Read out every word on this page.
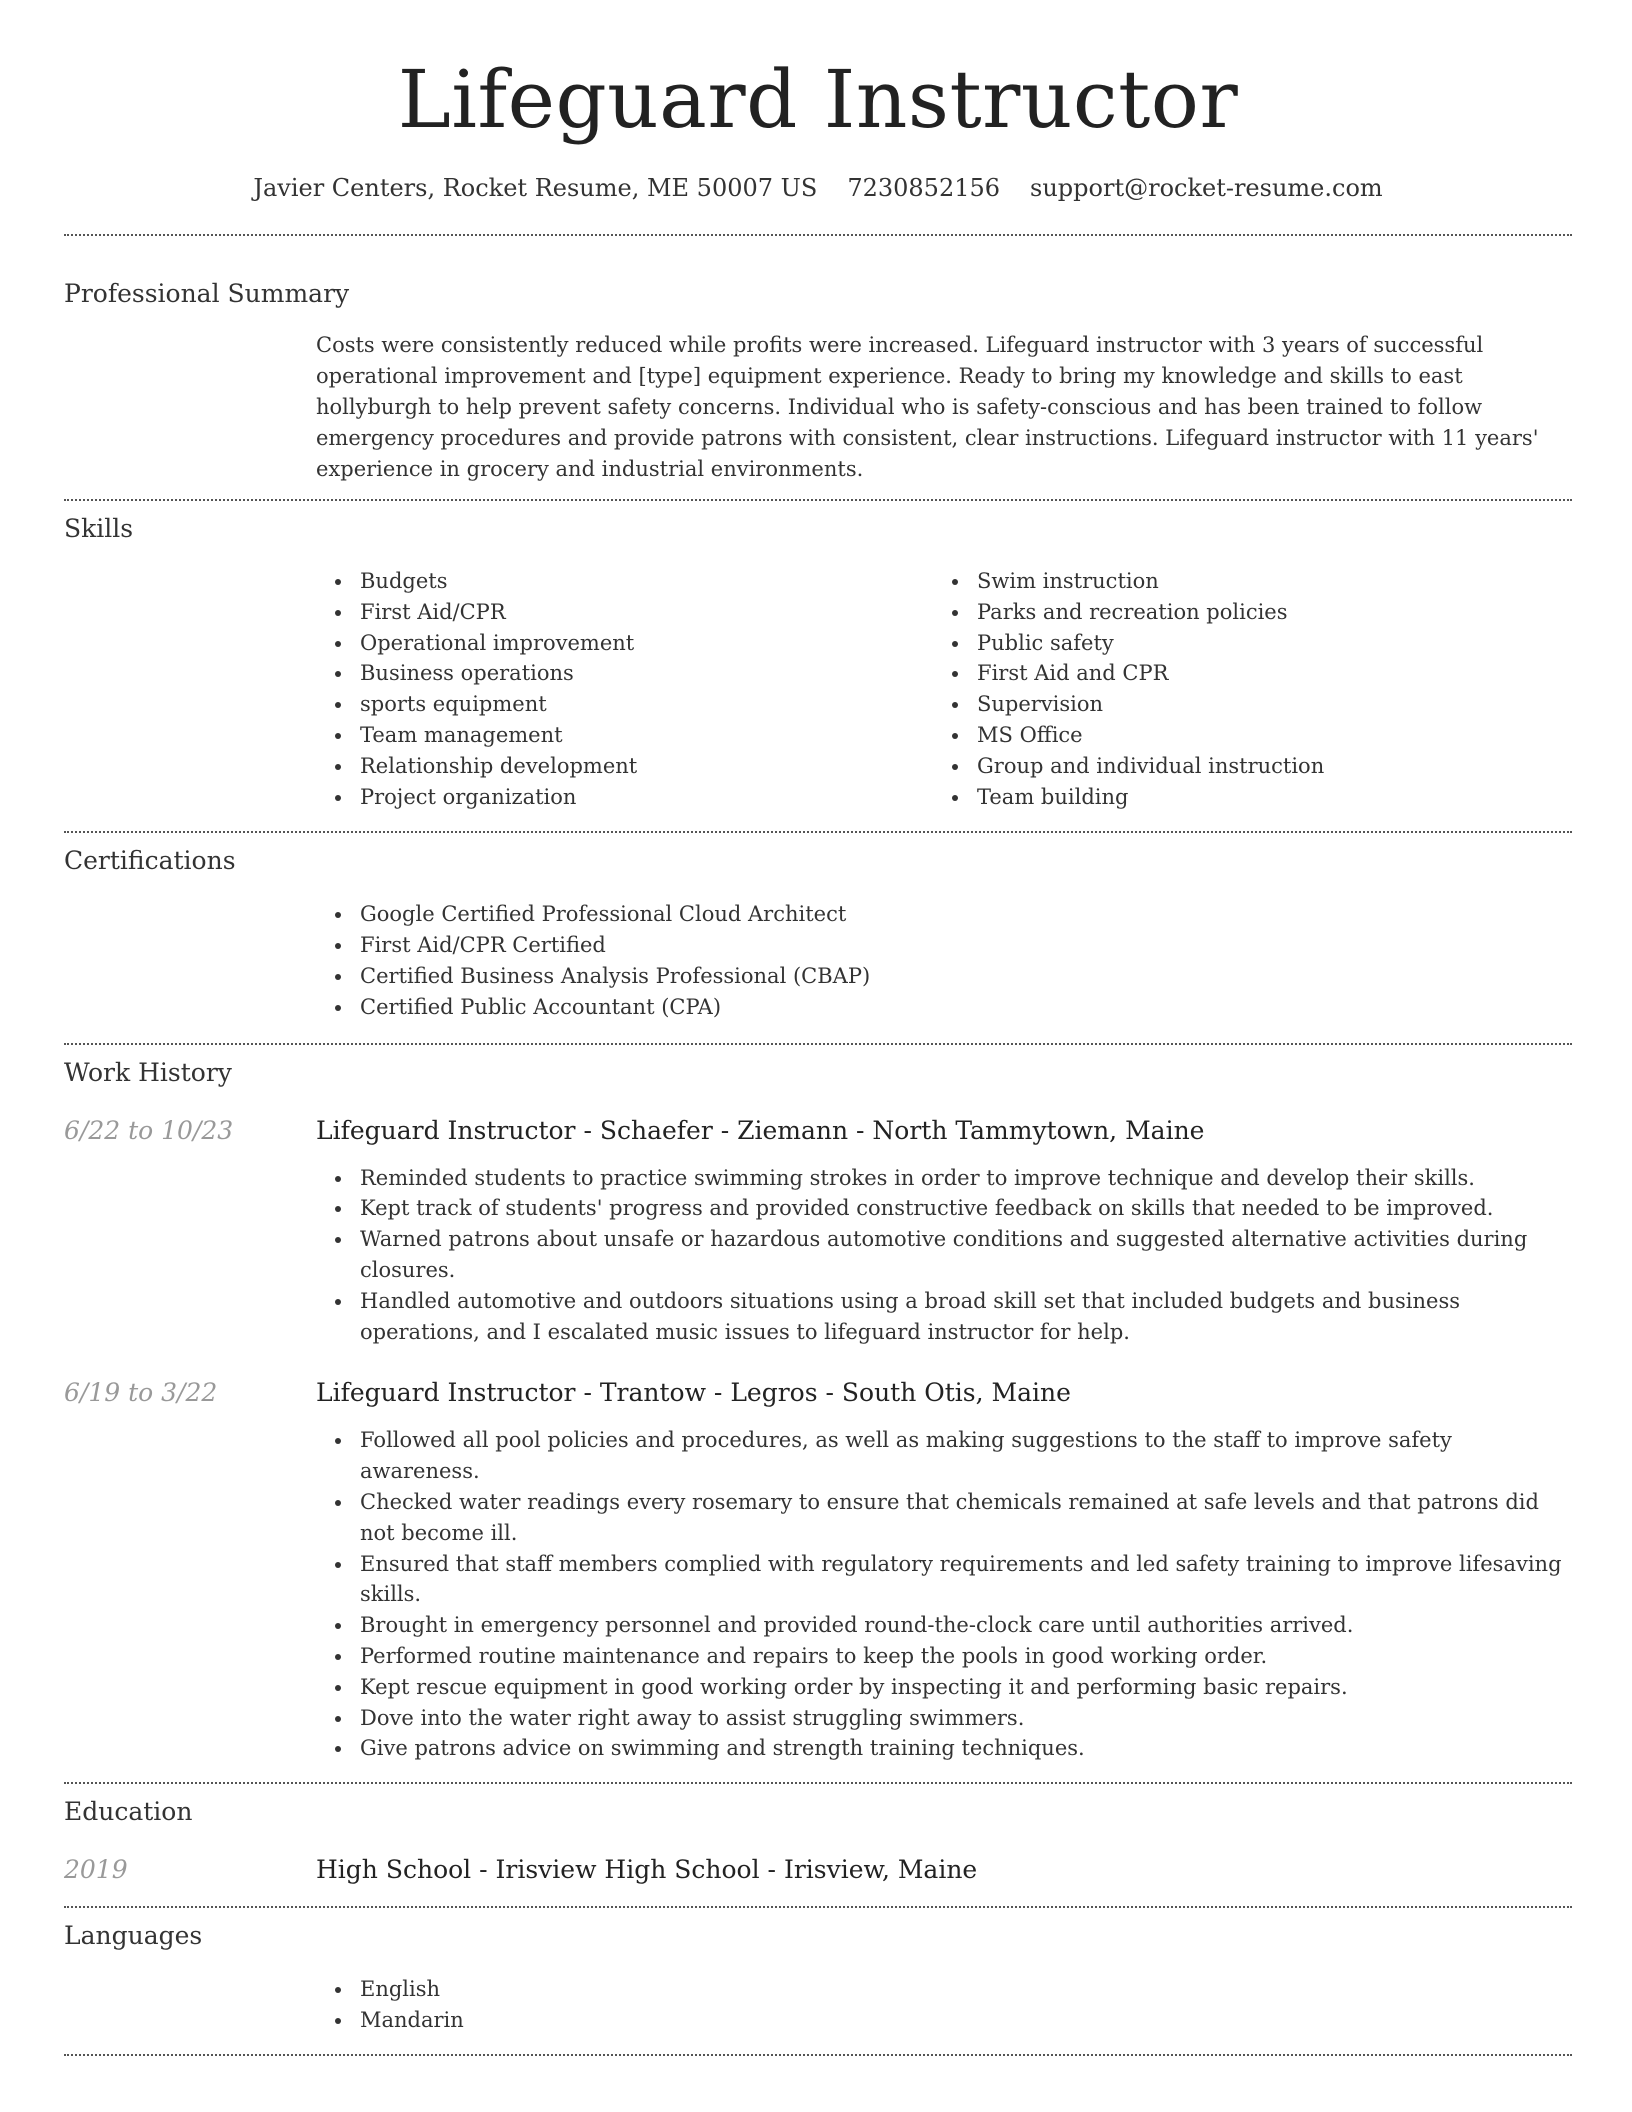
Lifeguard Instructor
Javier Centers, Rocket Resume, ME 50007 US 7230852156 support@rocket-resume.com
Professional Summary
Costs were consistently reduced while profits were increased. Lifeguard instructor with 3 years of successful operational improvement and [type] equipment experience. Ready to bring my knowledge and skills to east hollyburgh to help prevent safety concerns. Individual who is safety-conscious and has been trained to follow emergency procedures and provide patrons with consistent, clear instructions. Lifeguard instructor with 11 years' experience in grocery and industrial environments.
Skills
Budgets
First Aid/CPR
Operational improvement
Business operations
sports equipment
Team management
Relationship development
Project organization
Swim instruction
Parks and recreation policies
Public safety
First Aid and CPR
Supervision
MS Office
Group and individual instruction
Team building
Certifications
Google Certified Professional Cloud Architect
First Aid/CPR Certified
Certified Business Analysis Professional (CBAP)
Certified Public Accountant (CPA)
Work History
6/22 to 10/23	Lifeguard Instructor - Schaefer - Ziemann - North Tammytown, Maine
Reminded students to practice swimming strokes in order to improve technique and develop their skills.
Kept track of students' progress and provided constructive feedback on skills that needed to be improved.
Warned patrons about unsafe or hazardous automotive conditions and suggested alternative activities during closures.
Handled automotive and outdoors situations using a broad skill set that included budgets and business operations, and I escalated music issues to lifeguard instructor for help.
6/19 to 3/22	Lifeguard Instructor - Trantow - Legros - South Otis, Maine
Followed all pool policies and procedures, as well as making suggestions to the staff to improve safety awareness.
Checked water readings every rosemary to ensure that chemicals remained at safe levels and that patrons did not become ill.
Ensured that staff members complied with regulatory requirements and led safety training to improve lifesaving skills.
Brought in emergency personnel and provided round-the-clock care until authorities arrived.
Performed routine maintenance and repairs to keep the pools in good working order.
Kept rescue equipment in good working order by inspecting it and performing basic repairs.
Dove into the water right away to assist struggling swimmers.
Give patrons advice on swimming and strength training techniques.
Education
2019	High School - Irisview High School - Irisview, Maine
Languages
English
Mandarin
